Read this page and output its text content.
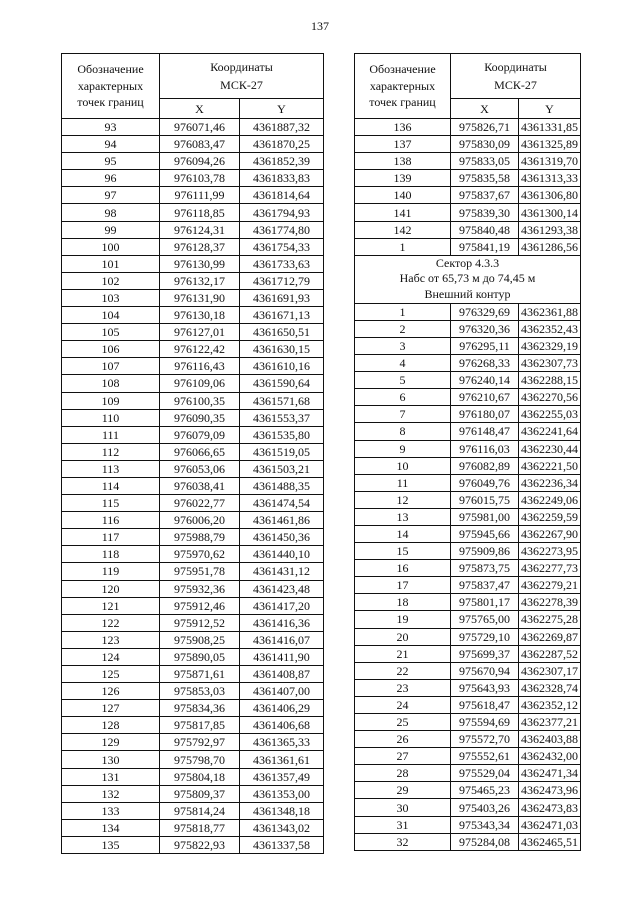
137
Обозначение
характерных
точек границ	Координаты
МСК-27	

	X	Y
93	976071,46	4361887,32
94	976083,47	4361870,25
95	976094,26	4361852,39
96	976103,78	4361833,83
97	976111,99	4361814,64
98	976118,85	4361794,93
99	976124,31	4361774,80
100	976128,37	4361754,33
101	976130,99	4361733,63
102	976132,17	4361712,79
103	976131,90	4361691,93
104	976130,18	4361671,13
105	976127,01	4361650,51
106	976122,42	4361630,15
107	976116,43	4361610,16
108	976109,06	4361590,64
109	976100,35	4361571,68
110	976090,35	4361553,37
111	976079,09	4361535,80
112	976066,65	4361519,05
113	976053,06	4361503,21
114	976038,41	4361488,35
115	976022,77	4361474,54
116	976006,20	4361461,86
117	975988,79	4361450,36
118	975970,62	4361440,10
119	975951,78	4361431,12
120	975932,36	4361423,48
121	975912,46	4361417,20
122	975912,52	4361416,36
123	975908,25	4361416,07
124	975890,05	4361411,90
125	975871,61	4361408,87
126	975853,03	4361407,00
127	975834,36	4361406,29
128	975817,85	4361406,68
129	975792,97	4361365,33
130	975798,70	4361361,61
131	975804,18	4361357,49
132	975809,37	4361353,00
133	975814,24	4361348,18
134	975818,77	4361343,02
135	975822,93	4361337,58
Обозначение
характерных
точек границ	Координаты
МСК-27	

	X	Y
136	975826,71	4361331,85
137	975830,09	4361325,89
138	975833,05	4361319,70
139	975835,58	4361313,33
140	975837,67	4361306,80
141	975839,30	4361300,14
142	975840,48	4361293,38
1	975841,19	4361286,56

Сектор 4.3.3
Набс от 65,73 м до 74,45 м
Внешний контур		

1	976329,69	4362361,88
2	976320,36	4362352,43
3	976295,11	4362329,19
4	976268,33	4362307,73
5	976240,14	4362288,15
6	976210,67	4362270,56
7	976180,07	4362255,03
8	976148,47	4362241,64
9	976116,03	4362230,44
10	976082,89	4362221,50
11	976049,76	4362236,34
12	976015,75	4362249,06
13	975981,00	4362259,59
14	975945,66	4362267,90
15	975909,86	4362273,95
16	975873,75	4362277,73
17	975837,47	4362279,21
18	975801,17	4362278,39
19	975765,00	4362275,28
20	975729,10	4362269,87
21	975699,37	4362287,52
22	975670,94	4362307,17
23	975643,93	4362328,74
24	975618,47	4362352,12
25	975594,69	4362377,21
26	975572,70	4362403,88
27	975552,61	4362432,00
28	975529,04	4362471,34
29	975465,23	4362473,96
30	975403,26	4362473,83
31	975343,34	4362471,03
32	975284,08	4362465,51
